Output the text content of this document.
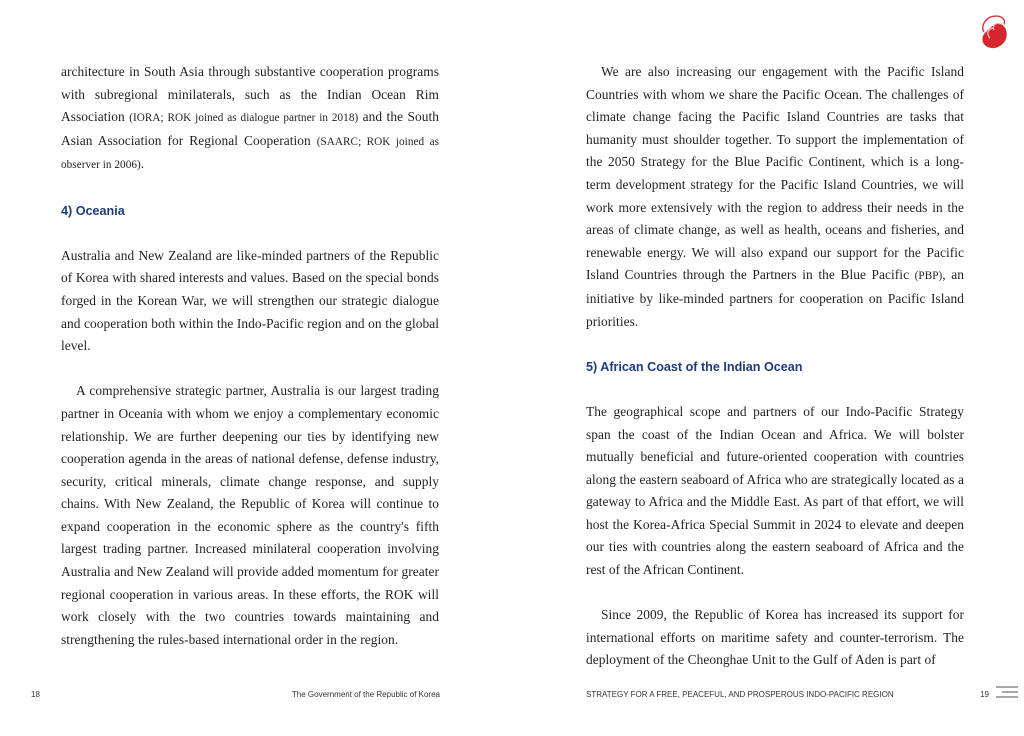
architecture in South Asia through substantive cooperation programs with subregional minilaterals, such as the Indian Ocean Rim Association (IORA; ROK joined as dialogue partner in 2018) and the South Asian Association for Regional Cooperation (SAARC; ROK joined as observer in 2006).

4) Oceania

Australia and New Zealand are like-minded partners of the Republic of Korea with shared interests and values. Based on the special bonds forged in the Korean War, we will strengthen our strategic dialogue and cooperation both within the Indo-Pacific region and on the global level.

A comprehensive strategic partner, Australia is our largest trading partner in Oceania with whom we enjoy a complementary economic relationship. We are further deepening our ties by identifying new cooperation agenda in the areas of national defense, defense industry, security, critical minerals, climate change response, and supply chains. With New Zealand, the Republic of Korea will continue to expand cooperation in the economic sphere as the country's fifth largest trading partner. Increased minilateral cooperation involving Australia and New Zealand will provide added momentum for greater regional cooperation in various areas. In these efforts, the ROK will work closely with the two countries towards maintaining and strengthening the rules-based international order in the region.

18	The Government of the Republic of Korea

We are also increasing our engagement with the Pacific Island Countries with whom we share the Pacific Ocean. The challenges of climate change facing the Pacific Island Countries are tasks that humanity must shoulder together. To support the implementation of the 2050 Strategy for the Blue Pacific Continent, which is a long-term development strategy for the Pacific Island Countries, we will work more extensively with the region to address their needs in the areas of climate change, as well as health, oceans and fisheries, and renewable energy. We will also expand our support for the Pacific Island Countries through the Partners in the Blue Pacific (PBP), an initiative by like-minded partners for cooperation on Pacific Island priorities.

5) African Coast of the Indian Ocean

The geographical scope and partners of our Indo-Pacific Strategy span the coast of the Indian Ocean and Africa. We will bolster mutually beneficial and future-oriented cooperation with countries along the eastern seaboard of Africa who are strategically located as a gateway to Africa and the Middle East. As part of that effort, we will host the Korea-Africa Special Summit in 2024 to elevate and deepen our ties with countries along the eastern seaboard of Africa and the rest of the African Continent.

Since 2009, the Republic of Korea has increased its support for international efforts on maritime safety and counter-terrorism. The deployment of the Cheonghae Unit to the Gulf of Aden is part of

STRATEGY FOR A FREE, PEACEFUL, AND PROSPEROUS INDO-PACIFIC REGION	19
